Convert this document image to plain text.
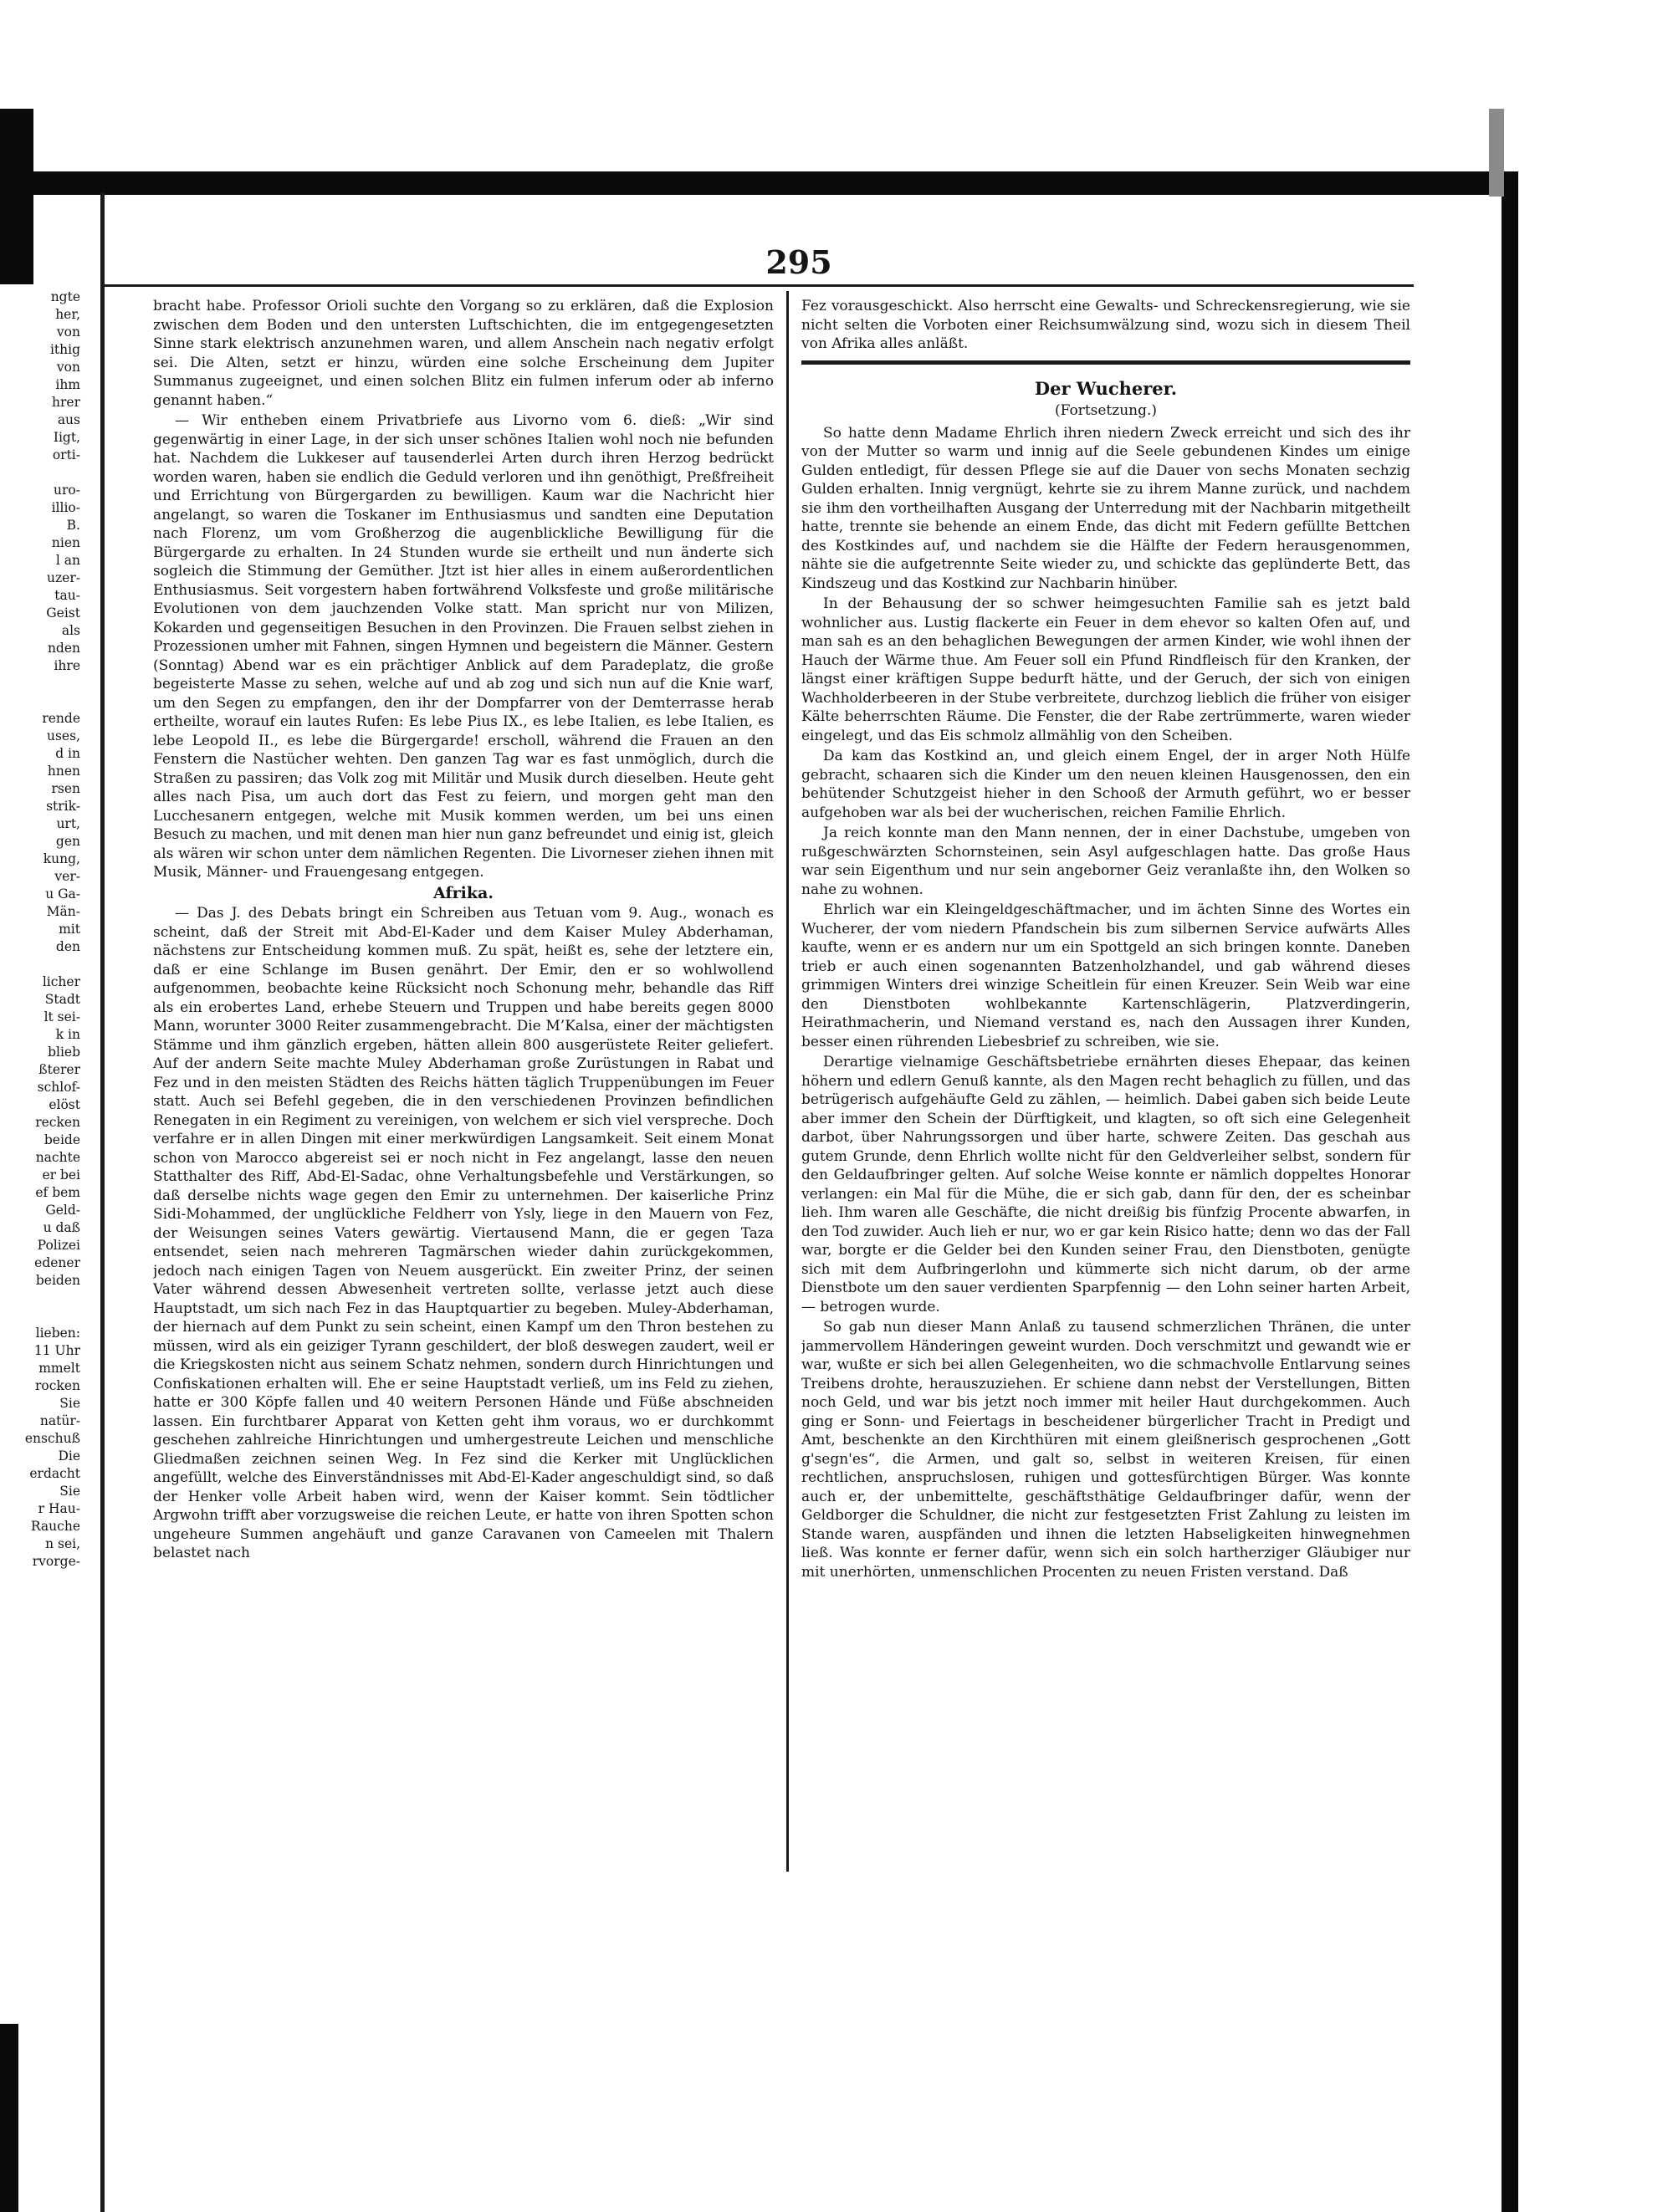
295
ngte
her,
von
ithig
von
ihm
hrer
aus
Iigt,
orti-
uro-
illio-
B.
nien
l an
uzer-
tau-
Geist
als
nden
ihre
rende
uses,
d in
hnen
rsen
strik-
urt,
gen
kung,
ver-
u Ga-
Män-
mit
den
licher
Stadt
lt sei-
k in
blieb
ßterer
schlof-
elöst
recken
beide
nachte
er bei
ef bem
Geld-
u daß
Polizei
edener
beiden
lieben:
11 Uhr
mmelt
rocken
Sie
natür-
enschuß
Die
erdacht
Sie
r Hau-
Rauche
n sei,
rvorge-

bracht habe. Professor Orioli suchte den Vorgang so zu erklären, daß die Explosion zwischen dem Boden und den untersten Luftschichten, die im entgegengesetzten Sinne stark elektrisch anzunehmen waren, und allem Anschein nach negativ erfolgt sei. Die Alten, setzt er hinzu, würden eine solche Erscheinung dem Jupiter Summanus zugeeignet, und einen solchen Blitz ein fulmen inferum oder ab inferno genannt haben.“

— Wir entheben einem Privatbriefe aus Livorno vom 6. dieß: „Wir sind gegenwärtig in einer Lage, in der sich unser schönes Italien wohl noch nie befunden hat. Nachdem die Lukkeser auf tausenderlei Arten durch ihren Herzog bedrückt worden waren, haben sie endlich die Geduld verloren und ihn genöthigt, Preßfreiheit und Errichtung von Bürgergarden zu bewilligen. Kaum war die Nachricht hier angelangt, so waren die Toskaner im Enthusiasmus und sandten eine Deputation nach Florenz, um vom Großherzog die augenblickliche Bewilligung für die Bürgergarde zu erhalten. In 24 Stunden wurde sie ertheilt und nun änderte sich sogleich die Stimmung der Gemüther. Jtzt ist hier alles in einem außerordentlichen Enthusiasmus. Seit vorgestern haben fortwährend Volksfeste und große militärische Evolutionen von dem jauchzenden Volke statt. Man spricht nur von Milizen, Kokarden und gegenseitigen Besuchen in den Provinzen. Die Frauen selbst ziehen in Prozessionen umher mit Fahnen, singen Hymnen und begeistern die Männer. Gestern (Sonntag) Abend war es ein prächtiger Anblick auf dem Paradeplatz, die große begeisterte Masse zu sehen, welche auf und ab zog und sich nun auf die Knie warf, um den Segen zu empfangen, den ihr der Dompfarrer von der Demterrasse herab ertheilte, worauf ein lautes Rufen: Es lebe Pius IX., es lebe Italien, es lebe Italien, es lebe Leopold II., es lebe die Bürgergarde! erscholl, während die Frauen an den Fenstern die Nastücher wehten. Den ganzen Tag war es fast unmöglich, durch die Straßen zu passiren; das Volk zog mit Militär und Musik durch dieselben. Heute geht alles nach Pisa, um auch dort das Fest zu feiern, und morgen geht man den Lucchesanern entgegen, welche mit Musik kommen werden, um bei uns einen Besuch zu machen, und mit denen man hier nun ganz befreundet und einig ist, gleich als wären wir schon unter dem nämlichen Regenten. Die Livorneser ziehen ihnen mit Musik, Männer- und Frauengesang entgegen.

Afrika.

— Das J. des Debats bringt ein Schreiben aus Tetuan vom 9. Aug., wonach es scheint, daß der Streit mit Abd-El-Kader und dem Kaiser Muley Abderhaman, nächstens zur Entscheidung kommen muß. Zu spät, heißt es, sehe der letztere ein, daß er eine Schlange im Busen genährt. Der Emir, den er so wohlwollend aufgenommen, beobachte keine Rücksicht noch Schonung mehr, behandle das Riff als ein erobertes Land, erhebe Steuern und Truppen und habe bereits gegen 8000 Mann, worunter 3000 Reiter zusammengebracht. Die M’Kalsa, einer der mächtigsten Stämme und ihm gänzlich ergeben, hätten allein 800 ausgerüstete Reiter geliefert. Auf der andern Seite machte Muley Abderhaman große Zurüstungen in Rabat und Fez und in den meisten Städten des Reichs hätten täglich Truppenübungen im Feuer statt. Auch sei Befehl gegeben, die in den verschiedenen Provinzen befindlichen Renegaten in ein Regiment zu vereinigen, von welchem er sich viel verspreche. Doch verfahre er in allen Dingen mit einer merkwürdigen Langsamkeit. Seit einem Monat schon von Marocco abgereist sei er noch nicht in Fez angelangt, lasse den neuen Statthalter des Riff, Abd-El-Sadac, ohne Verhaltungsbefehle und Verstärkungen, so daß derselbe nichts wage gegen den Emir zu unternehmen. Der kaiserliche Prinz Sidi-Mohammed, der unglückliche Feldherr von Ysly, liege in den Mauern von Fez, der Weisungen seines Vaters gewärtig. Viertausend Mann, die er gegen Taza entsendet, seien nach mehreren Tagmärschen wieder dahin zurückgekommen, jedoch nach einigen Tagen von Neuem ausgerückt. Ein zweiter Prinz, der seinen Vater während dessen Abwesenheit vertreten sollte, verlasse jetzt auch diese Hauptstadt, um sich nach Fez in das Hauptquartier zu begeben. Muley-Abderhaman, der hiernach auf dem Punkt zu sein scheint, einen Kampf um den Thron bestehen zu müssen, wird als ein geiziger Tyrann geschildert, der bloß deswegen zaudert, weil er die Kriegskosten nicht aus seinem Schatz nehmen, sondern durch Hinrichtungen und Confiskationen erhalten will. Ehe er seine Hauptstadt verließ, um ins Feld zu ziehen, hatte er 300 Köpfe fallen und 40 weitern Personen Hände und Füße abschneiden lassen. Ein furchtbarer Apparat von Ketten geht ihm voraus, wo er durchkommt geschehen zahlreiche Hinrichtungen und umhergestreute Leichen und menschliche Gliedmaßen zeichnen seinen Weg. In Fez sind die Kerker mit Unglücklichen angefüllt, welche des Einverständnisses mit Abd-El-Kader angeschuldigt sind, so daß der Henker volle Arbeit haben wird, wenn der Kaiser kommt. Sein tödtlicher Argwohn trifft aber vorzugsweise die reichen Leute, er hatte von ihren Spotten schon ungeheure Summen angehäuft und ganze Caravanen von Cameelen mit Thalern belastet nach

Fez vorausgeschickt. Also herrscht eine Gewalts- und Schreckensregierung, wie sie nicht selten die Vorboten einer Reichsumwälzung sind, wozu sich in diesem Theil von Afrika alles anläßt.

Der Wucherer.
(Fortsetzung.)

So hatte denn Madame Ehrlich ihren niedern Zweck erreicht und sich des ihr von der Mutter so warm und innig auf die Seele gebundenen Kindes um einige Gulden entledigt, für dessen Pflege sie auf die Dauer von sechs Monaten sechzig Gulden erhalten. Innig vergnügt, kehrte sie zu ihrem Manne zurück, und nachdem sie ihm den vortheilhaften Ausgang der Unterredung mit der Nachbarin mitgetheilt hatte, trennte sie behende an einem Ende, das dicht mit Federn gefüllte Bettchen des Kostkindes auf, und nachdem sie die Hälfte der Federn herausgenommen, nähte sie die aufgetrennte Seite wieder zu, und schickte das geplünderte Bett, das Kindszeug und das Kostkind zur Nachbarin hinüber.

In der Behausung der so schwer heimgesuchten Familie sah es jetzt bald wohnlicher aus. Lustig flackerte ein Feuer in dem ehevor so kalten Ofen auf, und man sah es an den behaglichen Bewegungen der armen Kinder, wie wohl ihnen der Hauch der Wärme thue. Am Feuer soll ein Pfund Rindfleisch für den Kranken, der längst einer kräftigen Suppe bedurft hätte, und der Geruch, der sich von einigen Wachholderbeeren in der Stube verbreitete, durchzog lieblich die früher von eisiger Kälte beherrschten Räume. Die Fenster, die der Rabe zertrümmerte, waren wieder eingelegt, und das Eis schmolz allmählig von den Scheiben.

Da kam das Kostkind an, und gleich einem Engel, der in arger Noth Hülfe gebracht, schaaren sich die Kinder um den neuen kleinen Hausgenossen, den ein behütender Schutzgeist hieher in den Schooß der Armuth geführt, wo er besser aufgehoben war als bei der wucherischen, reichen Familie Ehrlich.

Ja reich konnte man den Mann nennen, der in einer Dachstube, umgeben von rußgeschwärzten Schornsteinen, sein Asyl aufgeschlagen hatte. Das große Haus war sein Eigenthum und nur sein angeborner Geiz veranlaßte ihn, den Wolken so nahe zu wohnen.

Ehrlich war ein Kleingeldgeschäftmacher, und im ächten Sinne des Wortes ein Wucherer, der vom niedern Pfandschein bis zum silbernen Service aufwärts Alles kaufte, wenn er es andern nur um ein Spottgeld an sich bringen konnte. Daneben trieb er auch einen sogenannten Batzenholzhandel, und gab während dieses grimmigen Winters drei winzige Scheitlein für einen Kreuzer. Sein Weib war eine den Dienstboten wohlbekannte Kartenschlägerin, Platzverdingerin, Heirathmacherin, und Niemand verstand es, nach den Aussagen ihrer Kunden, besser einen rührenden Liebesbrief zu schreiben, wie sie.

Derartige vielnamige Geschäftsbetriebe ernährten dieses Ehepaar, das keinen höhern und edlern Genuß kannte, als den Magen recht behaglich zu füllen, und das betrügerisch aufgehäufte Geld zu zählen, — heimlich. Dabei gaben sich beide Leute aber immer den Schein der Dürftigkeit, und klagten, so oft sich eine Gelegenheit darbot, über Nahrungssorgen und über harte, schwere Zeiten. Das geschah aus gutem Grunde, denn Ehrlich wollte nicht für den Geldverleiher selbst, sondern für den Geldaufbringer gelten. Auf solche Weise konnte er nämlich doppeltes Honorar verlangen: ein Mal für die Mühe, die er sich gab, dann für den, der es scheinbar lieh. Ihm waren alle Geschäfte, die nicht dreißig bis fünfzig Procente abwarfen, in den Tod zuwider. Auch lieh er nur, wo er gar kein Risico hatte; denn wo das der Fall war, borgte er die Gelder bei den Kunden seiner Frau, den Dienstboten, genügte sich mit dem Aufbringerlohn und kümmerte sich nicht darum, ob der arme Dienstbote um den sauer verdienten Sparpfennig — den Lohn seiner harten Arbeit, — betrogen wurde.

So gab nun dieser Mann Anlaß zu tausend schmerzlichen Thränen, die unter jammervollem Händeringen geweint wurden. Doch verschmitzt und gewandt wie er war, wußte er sich bei allen Gelegenheiten, wo die schmachvolle Entlarvung seines Treibens drohte, herauszuziehen. Er schiene dann nebst der Verstellungen, Bitten noch Geld, und war bis jetzt noch immer mit heiler Haut durchgekommen. Auch ging er Sonn- und Feiertags in bescheidener bürgerlicher Tracht in Predigt und Amt, beschenkte an den Kirchthüren mit einem gleißnerisch gesprochenen „Gott g'segn'es“, die Armen, und galt so, selbst in weiteren Kreisen, für einen rechtlichen, anspruchslosen, ruhigen und gottesfürchtigen Bürger. Was konnte auch er, der unbemittelte, geschäftsthätige Geldaufbringer dafür, wenn der Geldborger die Schuldner, die nicht zur festgesetzten Frist Zahlung zu leisten im Stande waren, auspfänden und ihnen die letzten Habseligkeiten hinwegnehmen ließ. Was konnte er ferner dafür, wenn sich ein solch hartherziger Gläubiger nur mit unerhörten, unmenschlichen Procenten zu neuen Fristen verstand. Daß
